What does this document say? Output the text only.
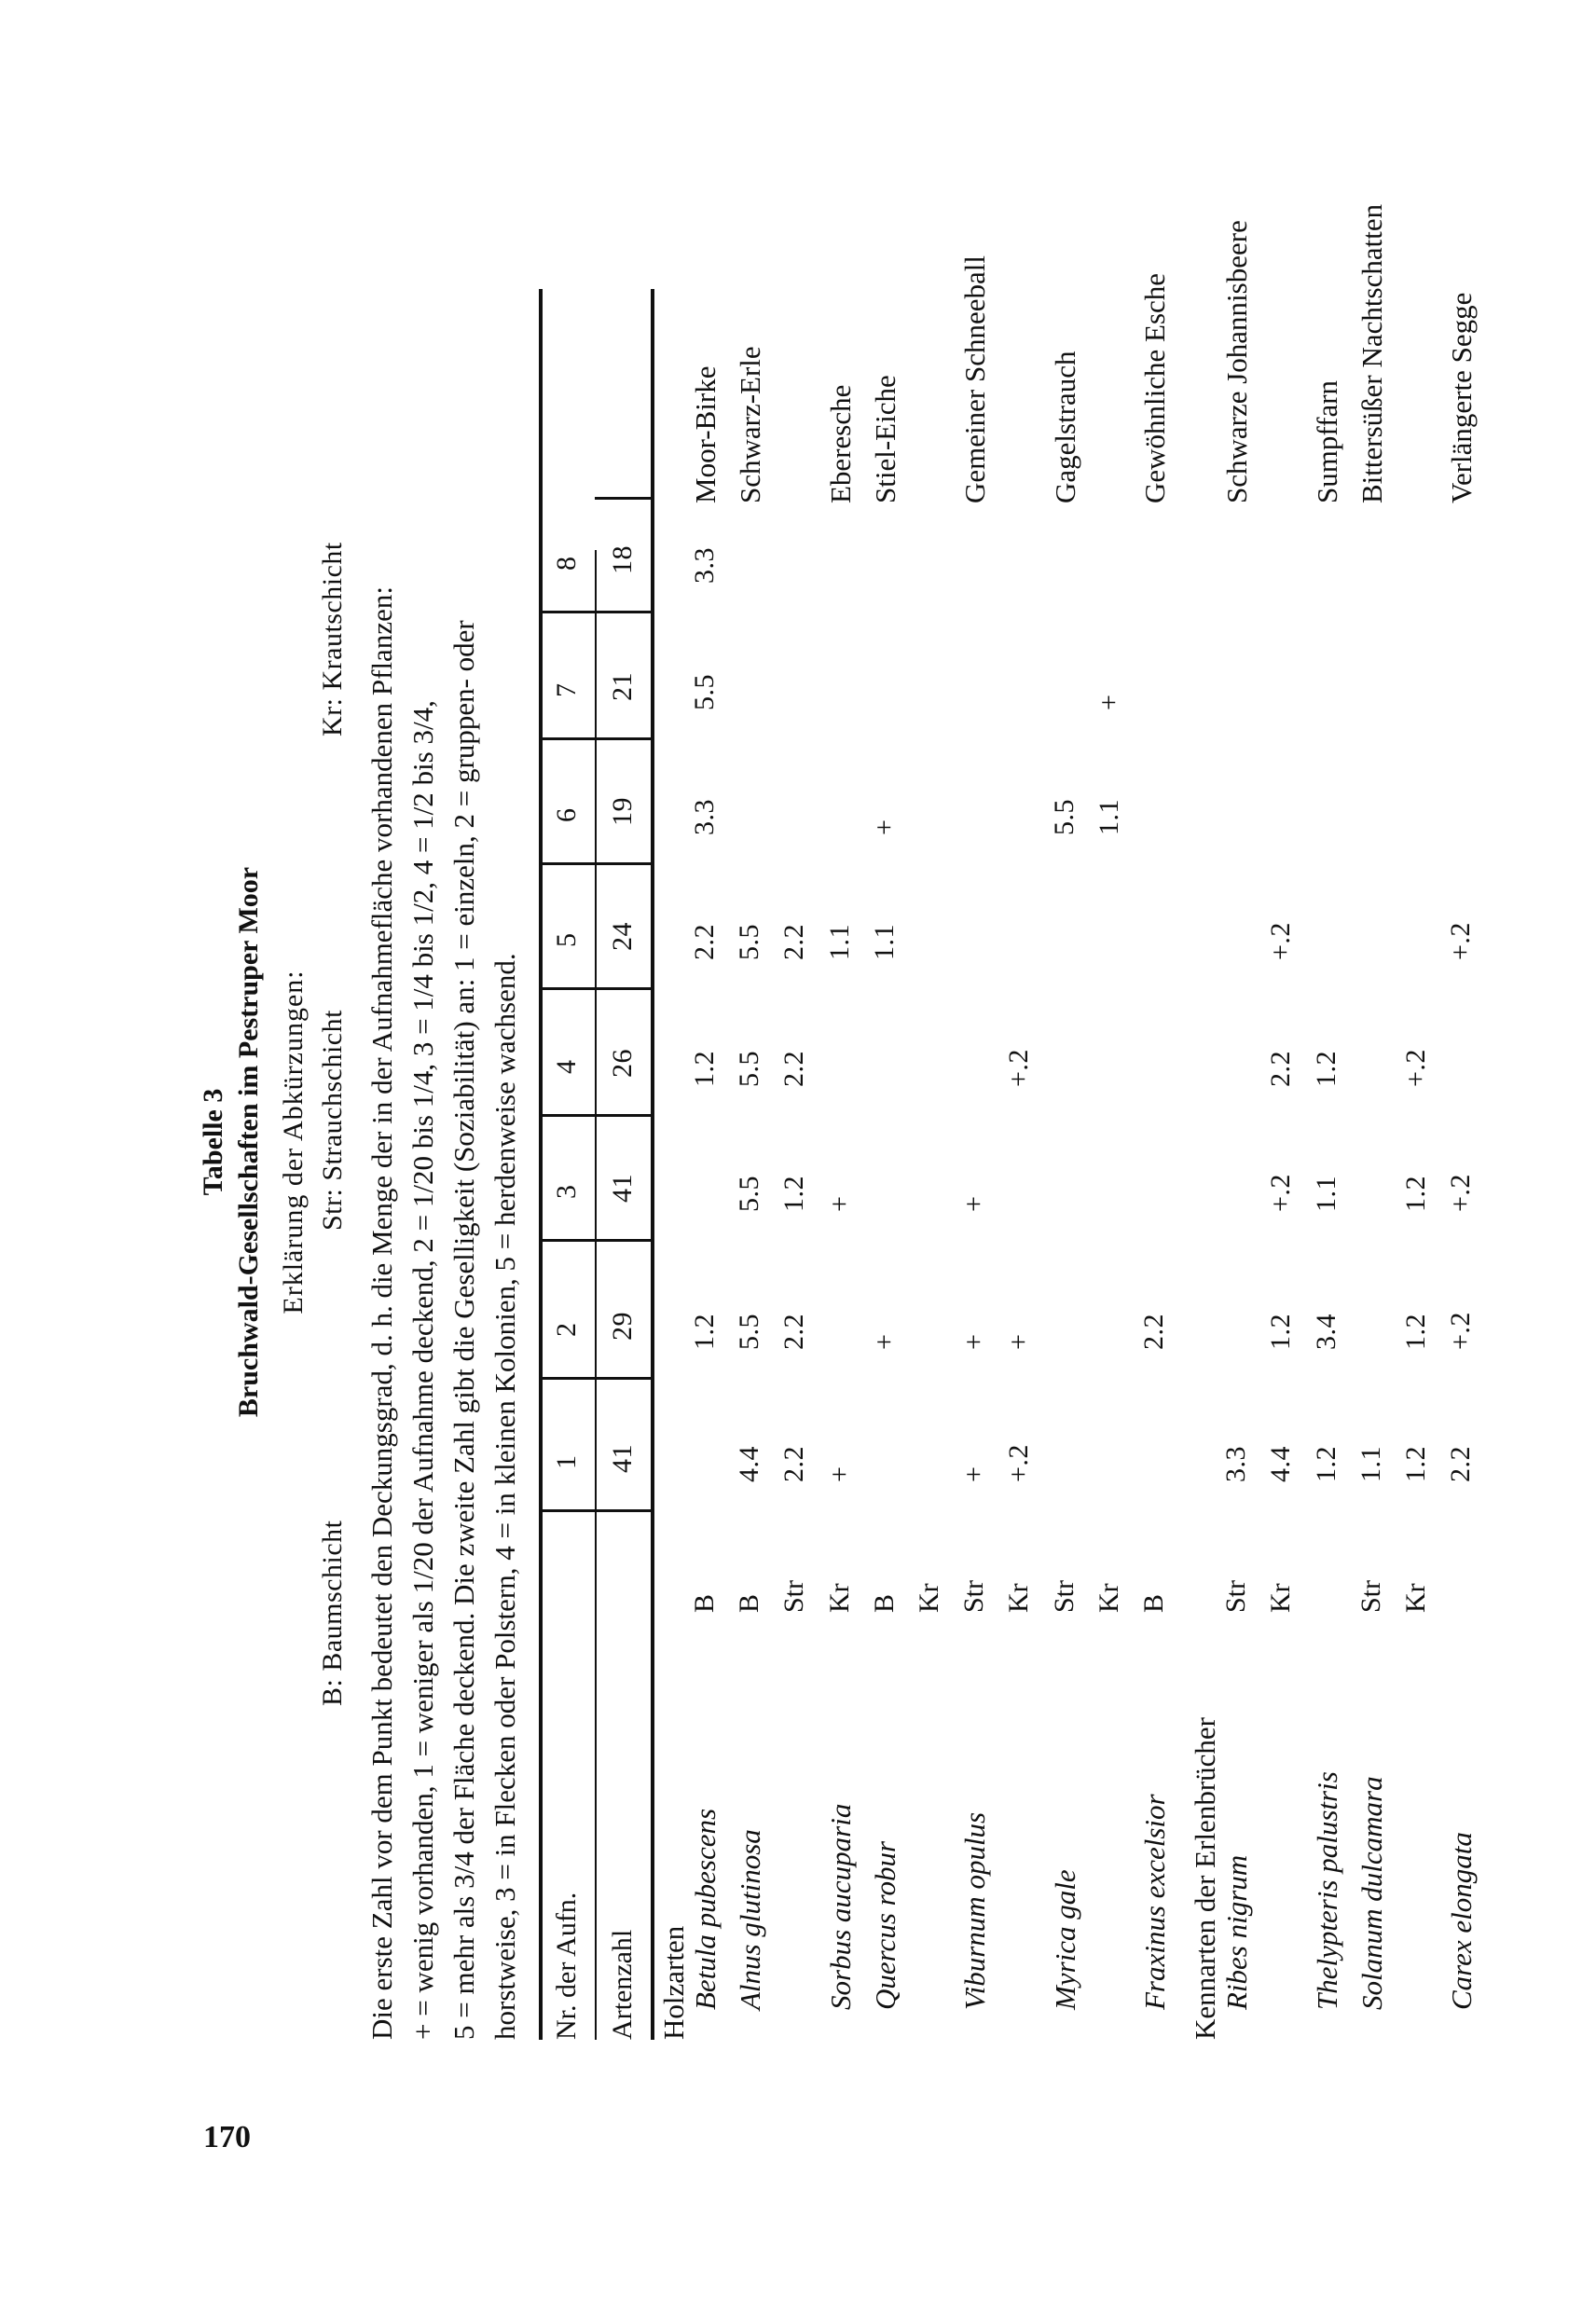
170
Tabelle 3 Bruchwald-Gesellschaften im Pestruper Moor Erklärung der Abkürzungen:
B: Baumschicht
Str: Strauchschicht
Kr: Krautschicht Die erste Zahl vor dem Punkt bedeutet den Deckungsgrad, d. h. die Menge der in der Aufnahmefläche vorhandenen Pflanzen: + = wenig vorhanden, 1 = weniger als 1/20 der Aufnahme deckend, 2 = 1/20 bis 1/4, 3 = 1/4 bis 1/2, 4 = 1/2 bis 3/4, 5 = mehr als 3/4 der Fläche deckend. Die zweite Zahl gibt die Geselligkeit (Soziabilität) an: 1 = einzeln, 2 = gruppen- oder horstweise, 3 = in Flecken oder Polstern, 4 = in kleinen Kolonien, 5 = herdenweise wachsend. Nr. der Aufn. Artenzahl
1 41
2 29
3 41
4 26
5 24
6 19
7 21
8 18
Holzarten Betula pubescens
B
1.2
1.2
2.2
3.3
5.5
3.3
Moor-Birke
Alnus glutinosa
B
4.4
5.5
5.5
5.5
5.5
Schwarz-Erle
Str
2.2
2.2
1.2
2.2
2.2
Sorbus aucuparia
Kr
+
+
1.1
Eberesche
Quercus robur
B
+
1.1
+
Stiel-Eiche
Kr
Viburnum opulus
Str
+
+
+
Gemeiner Schneeball
Kr
+.2
+
+.2
Myrica gale
Str
5.5
Gagelstrauch
Kr
1.1
+
Fraxinus excelsior
B
2.2
Gewöhnliche Esche
Kennarten der Erlenbrücher Ribes nigrum
Str
3.3
Schwarze Johannisbeere
Kr
4.4
1.2
+.2
2.2
+.2
Thelypteris palustris
1.2
3.4
1.1
1.2
Sumpffarn
Solanum dulcamara
Str
1.1
Bittersüßer Nachtschatten
Kr
1.2
1.2
1.2
+.2
Carex elongata
2.2
+.2
+.2
+.2
Verlängerte Segge
